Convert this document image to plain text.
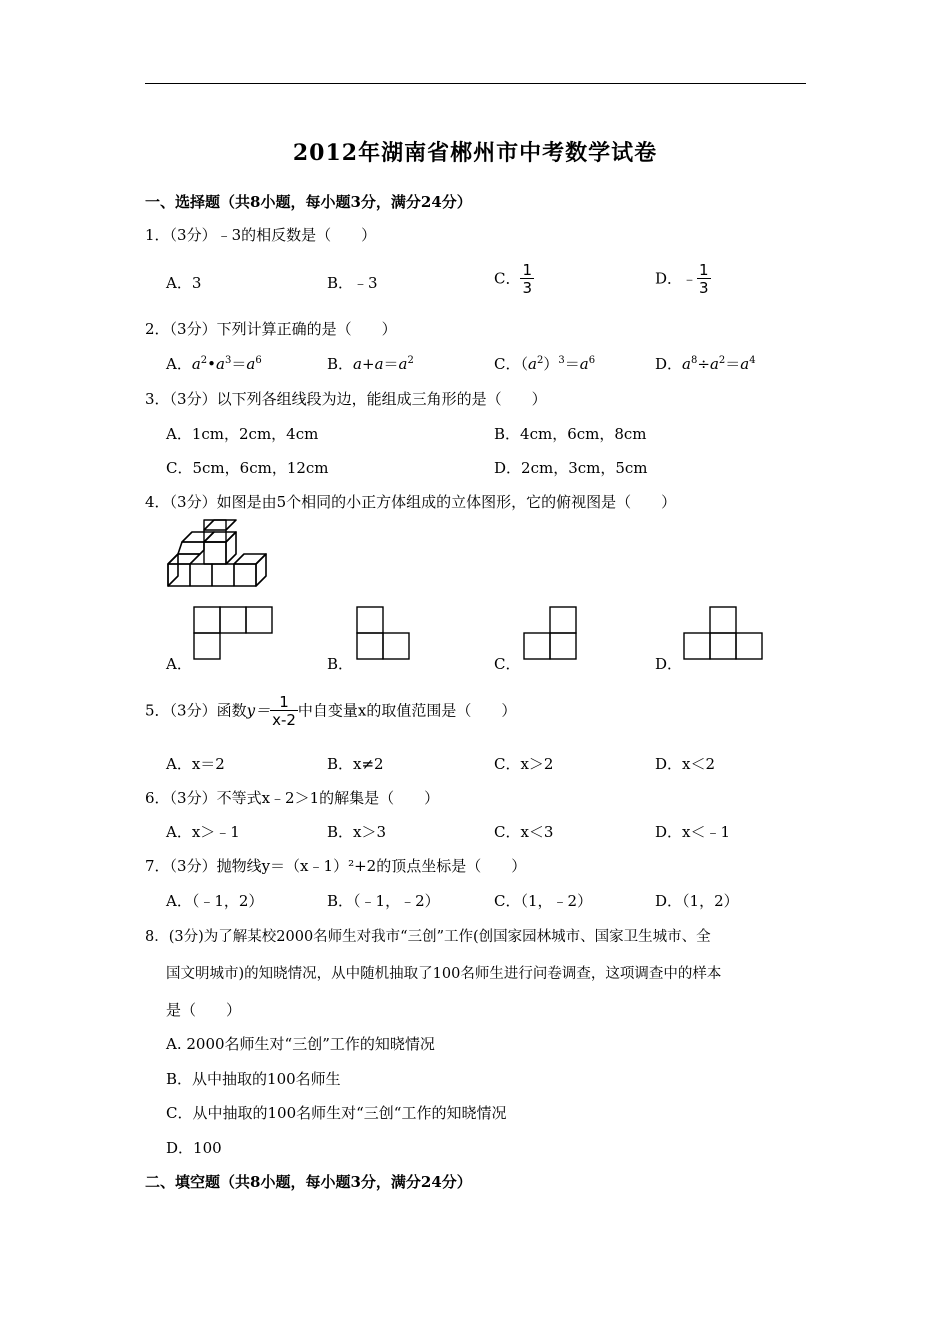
2012年湖南省郴州市中考数学试卷
一、选择题（共8小题，每小题3分，满分24分）
1．（3分）﹣3的相反数是（　　）
A．3	B．﹣3	C． $\frac{1}{3}$	D．﹣ $\frac{1}{3}$
2．（3分）下列计算正确的是（　　）
A．$a^2•a^3=a^6$	B．$a+a=a^2$	C．$(a^2)^3=a^6$	D．$a^8\div a^2=a^4$
3．（3分）以下列各组线段为边，能组成三角形的是（　　）
A．1cm，2cm，4cm	B．4cm，6cm，8cm
C．5cm，6cm，12cm	D．2cm，3cm，5cm
4．（3分）如图是由5个相同的小正方体组成的立体图形，它的俯视图是（　　）
A．	B．	C．	D．
5．（3分）函数$y= \frac{1}{x-2}$ 中自变量x的取值范围是（　　）
A．x＝2	B．x≠2	C．x＞2	D．x＜2
6．（3分）不等式x﹣2＞1的解集是（　　）
A．x＞﹣1	B．x＞3	C．x＜3	D．x＜﹣1
7．（3分）抛物线y＝（x﹣1）²+2的顶点坐标是（　　）
A．（﹣1，2）	B．（﹣1，﹣2）	C．（1，﹣2）	D．（1，2）
8．(3分)为了解某校2000名师生对我市“三创”工作(创国家园林城市、国家卫生城市、全
国文明城市)的知晓情况，从中随机抽取了100名师生进行问卷调查，这项调查中的样本
是（　　）
A. 2000名师生对“三创”工作的知晓情况
B．从中抽取的100名师生
C．从中抽取的100名师生对“三创“工作的知晓情况
D．100
二、填空题（共8小题，每小题3分，满分24分）
